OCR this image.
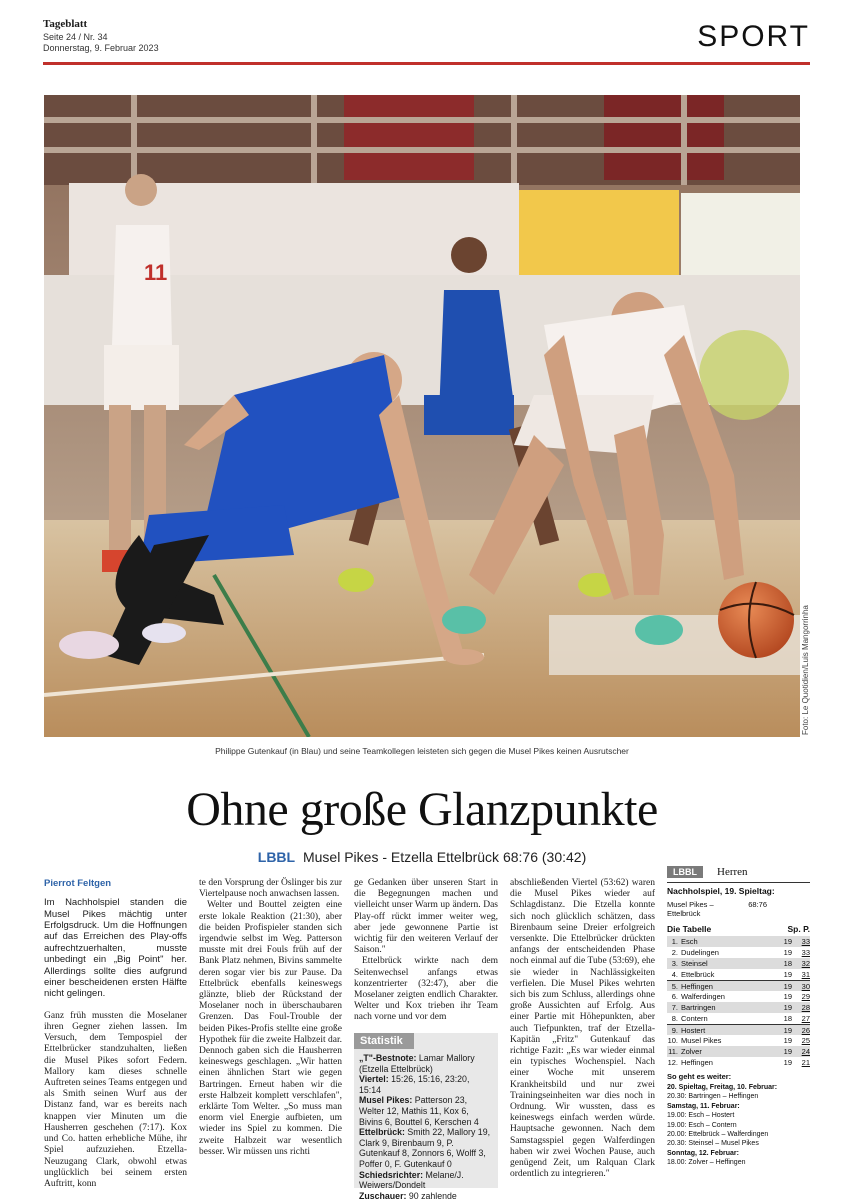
Tageblatt
Seite 24 / Nr. 34
Donnerstag, 9. Februar 2023	SPORT
11
Foto: Le Quotidien/Luis Mangorrinha
Philippe Gutenkauf (in Blau) und seine Teamkollegen leisteten sich gegen die Musel Pikes keinen Ausrutscher
Ohne große Glanzpunkte
LBBL Musel Pikes - Etzella Ettelbrück 68:76 (30:42)
Pierrot Feltgen

Im Nachholspiel standen die Musel Pikes mächtig unter Erfolgsdruck. Um die Hoffnungen auf das Erreichen des Play-offs aufrechtzuerhalten, musste unbedingt ein „Big Point" her. Allerdings sollte dies aufgrund einer bescheidenen ersten Hälfte nicht gelingen.

Ganz früh mussten die Moselaner ihren Gegner ziehen lassen. Im Versuch, dem Tempospiel der Ettelbrücker standzuhalten, ließen die Musel Pikes sofort Federn. Mallory kam dieses schnelle Auftreten seines Teams entgegen und als Smith seinen Wurf aus der Distanz fand, war es bereits nach knappen vier Minuten um die Hausherren geschehen (7:17). Kox und Co. hatten erhebliche Mühe, ihr Spiel aufzuziehen. Etzella-Neuzugang Clark, obwohl etwas unglücklich bei seinem ersten Auftritt, konn

te den Vorsprung der Öslinger bis zur Viertelpause noch anwachsen lassen.

Welter und Bouttel zeigten eine erste lokale Reaktion (21:30), aber die beiden Profispieler standen sich irgendwie selbst im Weg. Patterson musste mit drei Fouls früh auf der Bank Platz nehmen, Bivins sammelte deren sogar vier bis zur Pause. Da Ettelbrück ebenfalls keineswegs glänzte, blieb der Rückstand der Moselaner noch in überschaubaren Grenzen. Das Foul-Trouble der beiden Pikes-Profis stellte eine große Hypothek für die zweite Halbzeit dar. Dennoch gaben sich die Hausherren keineswegs geschlagen. „Wir hatten einen ähnlichen Start wie gegen Bartringen. Erneut haben wir die erste Halbzeit komplett verschlafen", erklärte Tom Welter. „So muss man enorm viel Energie aufbieten, um wieder ins Spiel zu kommen. Die zweite Halbzeit war wesentlich besser. Wir müssen uns richti

ge Gedanken über unseren Start in die Begegnungen machen und vielleicht unser Warm up ändern. Das Play-off rückt immer weiter weg, aber jede gewonnene Partie ist wichtig für den weiteren Verlauf der Saison."

Ettelbrück wirkte nach dem Seitenwechsel anfangs etwas konzentrierter (32:47), aber die Moselaner zeigten endlich Charakter. Welter und Kox trieben ihr Team nach vorne und vor dem

Statistik
„T"-Bestnote: Lamar Mallory (Etzella Ettelbrück)
Viertel: 15:26, 15:16, 23:20, 15:14
Musel Pikes: Patterson 23, Welter 12, Mathis 11, Kox 6, Bivins 6, Bouttel 6, Kerschen 4
Ettelbrück: Smith 22, Mallory 19, Clark 9, Birenbaum 9, P. Gutenkauf 8, Zonnors 6, Wolff 3, Poffer 0, F. Gutenkauf 0
Schiedsrichter: Melane/J. Weiwers/Dondelt
Zuschauer: 90 zahlende

abschließenden Viertel (53:62) waren die Musel Pikes wieder auf Schlagdistanz. Die Etzella konnte sich noch glücklich schätzen, dass Birenbaum seine Dreier erfolgreich versenkte. Die Ettelbrücker drückten anfangs der entscheidenden Phase noch einmal auf die Tube (53:69), ehe sie wieder in Nachlässigkeiten verfielen. Die Musel Pikes wehrten sich bis zum Schluss, allerdings ohne große Aussichten auf Erfolg. Aus einer Partie mit Höhepunkten, aber auch Tiefpunkten, traf der Etzella-Kapitän „Fritz" Gutenkauf das richtige Fazit: „Es war wieder einmal ein typisches Wochenspiel. Nach einer Woche mit unserem Krankheitsbild und nur zwei Trainingseinheiten war dies noch in Ordnung. Wir wussten, dass es keineswegs einfach werden würde. Hauptsache gewonnen. Nach dem Samstagsspiel gegen Walferdingen haben wir zwei Wochen Pause, auch genügend Zeit, um Ralquan Clark ordentlich zu integrieren."

LBBL	Herren
Nachholspiel, 19. Spieltag:
Musel Pikes – Ettelbrück
68:76
Die Tabelle	Sp. P.
1. Esch	19	33
2. Dudelingen	19	33
3. Steinsel	18	32
4. Ettelbrück	19	31
5. Heffingen	19	30
6. Walferdingen	19	29
7. Bartringen	19	28
8. Contern	18	27
9. Hostert	19	26
10. Musel Pikes	19	25
11. Zolver	19	24
12. Heffingen	19	21
So geht es weiter:
20. Spieltag, Freitag, 10. Februar:
20.30: Bartringen – Heffingen
Samstag, 11. Februar:
19.00: Esch – Hostert
19.00: Esch – Contern
20.00: Ettelbrück – Walferdingen
20.30: Steinsel – Musel Pikes
Sonntag, 12. Februar:
18.00: Zolver – Heffingen
